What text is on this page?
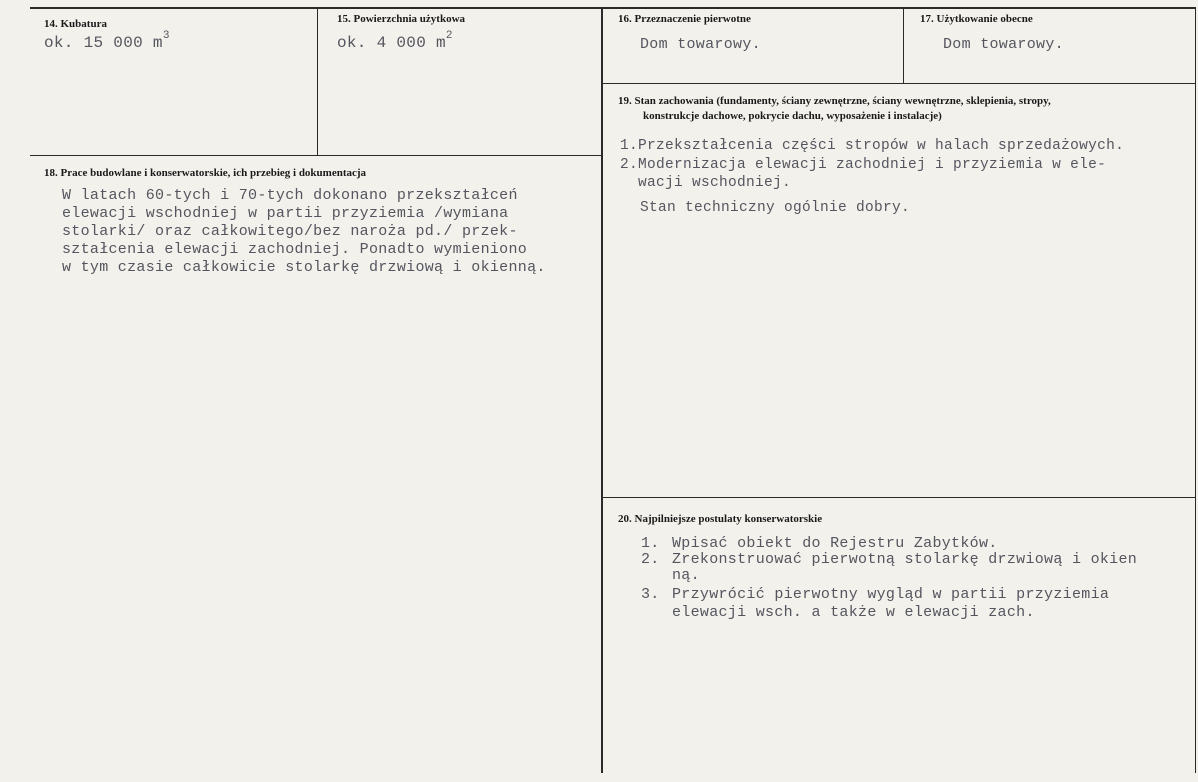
14. Kubatura
ok. 15 000 $m^3$
15. Powierzchnia użytkowa
ok. 4 000 $m^2$
16. Przeznaczenie pierwotne
Dom towarowy.
17. Użytkowanie obecne
Dom towarowy.
18. Prace budowlane i konserwatorskie, ich przebieg i dokumentacja
W latach 60-tych i 70-tych dokonano przekształceń
elewacji wschodniej w partii przyziemia /wymiana
stolarki/ oraz całkowitego/bez naroża pd./ przek-
ształcenia elewacji zachodniej. Ponadto wymieniono
w tym czasie całkowicie stolarkę drzwiową i okienną.
19. Stan zachowania (fundamenty, ściany zewnętrzne, ściany wewnętrzne, sklepienia, stropy,
konstrukcje dachowe, pokrycie dachu, wyposażenie i instalacje)
1.Przekształcenia części stropów w halach sprzedażowych.
2.Modernizacja elewacji zachodniej i przyziemia w ele-
wacji wschodniej.
Stan techniczny ogólnie dobry.
20. Najpilniejsze postulaty konserwatorskie
1. Wpisać obiekt do Rejestru Zabytków.
2. Zrekonstruować pierwotną stolarkę drzwiową i okien
ną.
3. Przywrócić pierwotny wygląd w partii przyziemia
elewacji wsch. a także w elewacji zach.
